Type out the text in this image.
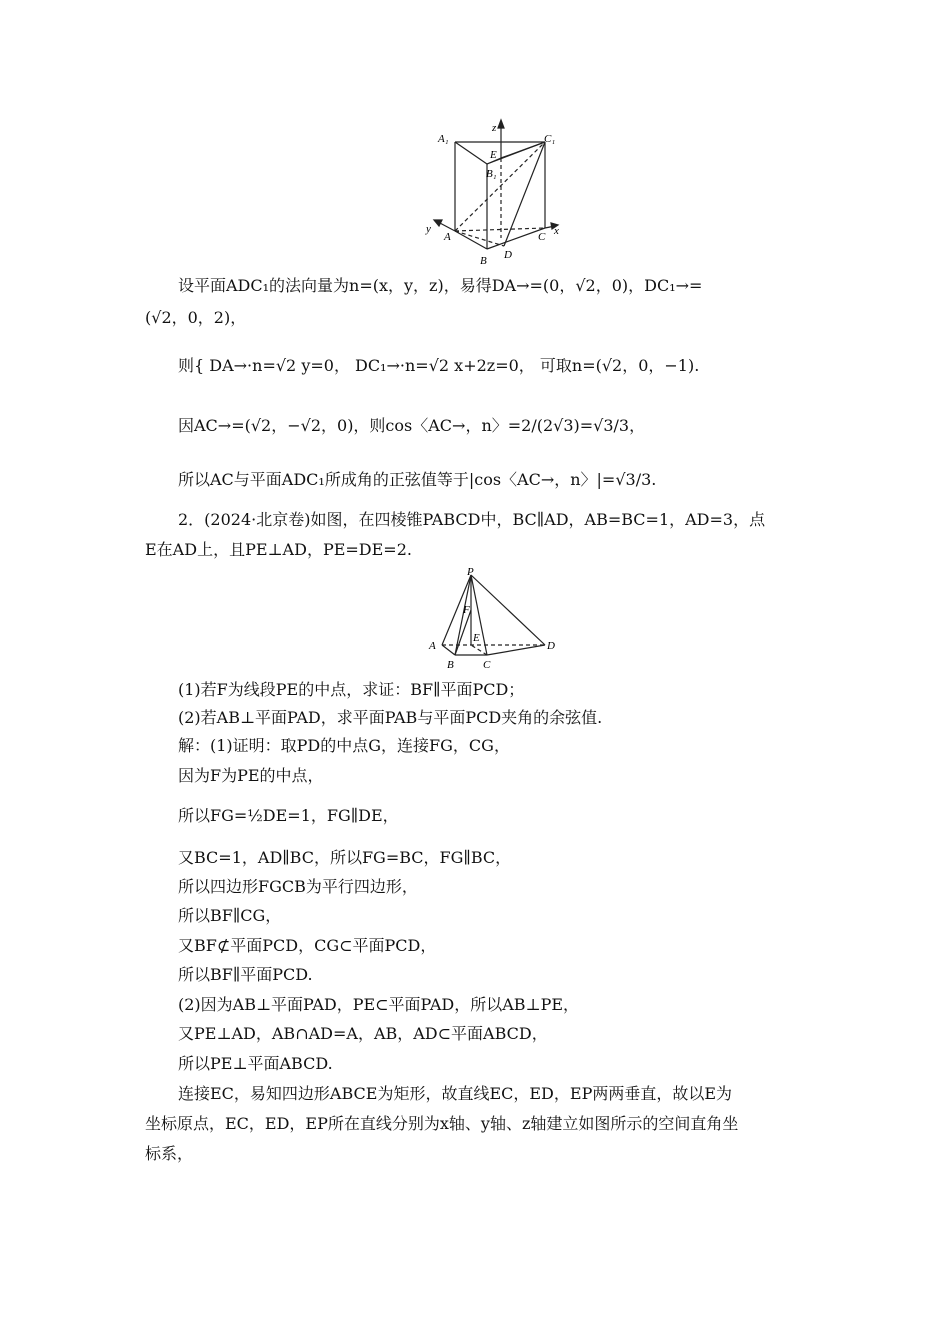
A₁
z
C₁
E
B₁
y
A
D
C x
B
设平面ADC₁的法向量为n=(x，y，z)，易得DA→=(0，√2，0)，DC₁→=
(√2，0，2)，
则{ DA→·n=√2 y=0， DC₁→·n=√2 x+2z=0， 可取n=(√2，0，−1).
因AC→=(√2，−√2，0)，则cos〈AC→，n〉=2/(2√3)=√3/3，
所以AC与平面ADC₁所成角的正弦值等于|cos〈AC→，n〉|=√3/3.
2．(2024·北京卷)如图，在四棱锥PABCD中，BC∥AD，AB=BC=1，AD=3，点
E在AD上，且PE⊥AD，PE=DE=2.
P
F
E
A	D
B	C
(1)若F为线段PE的中点，求证：BF∥平面PCD；
(2)若AB⊥平面PAD，求平面PAB与平面PCD夹角的余弦值.
解：(1)证明：取PD的中点G，连接FG，CG，
因为F为PE的中点，
所以FG=½DE=1，FG∥DE，
又BC=1，AD∥BC，所以FG=BC，FG∥BC，
所以四边形FGCB为平行四边形，
所以BF∥CG，
又BF⊄平面PCD，CG⊂平面PCD，
所以BF∥平面PCD.
(2)因为AB⊥平面PAD，PE⊂平面PAD，所以AB⊥PE，
又PE⊥AD，AB∩AD=A，AB，AD⊂平面ABCD，
所以PE⊥平面ABCD.
连接EC，易知四边形ABCE为矩形，故直线EC，ED，EP两两垂直，故以E为
坐标原点，EC，ED，EP所在直线分别为x轴、y轴、z轴建立如图所示的空间直角坐
标系，
